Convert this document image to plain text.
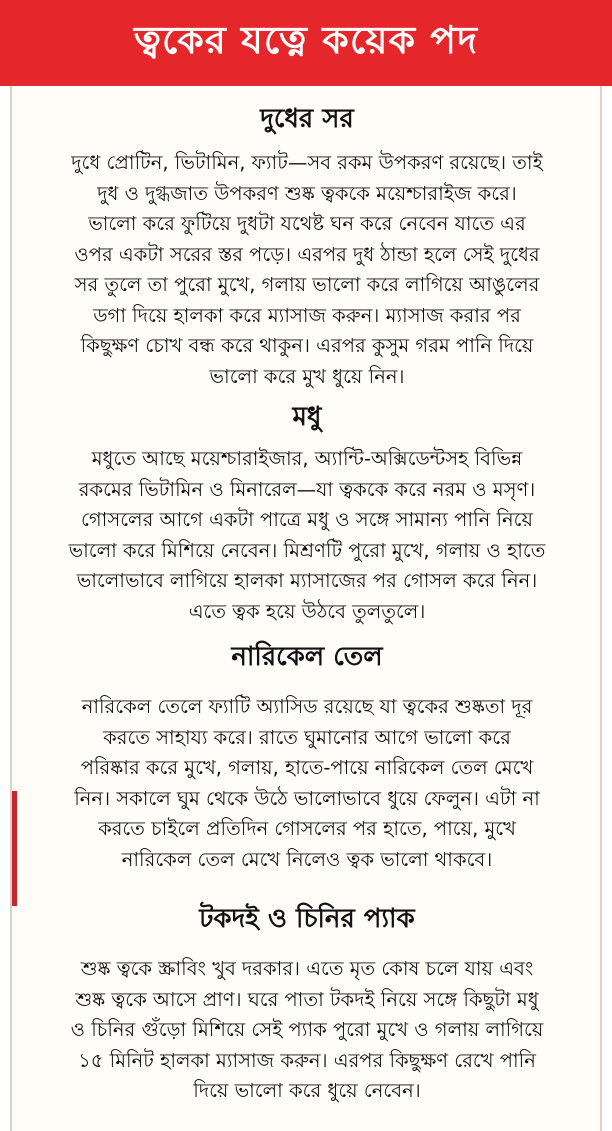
ত্বকের যত্নে কয়েক পদ
দুধের সর

দুধে প্রোটিন, ভিটামিন, ফ্যাট—সব রকম উপকরণ রয়েছে। তাই
দুধ ও দুগ্ধজাত উপকরণ শুষ্ক ত্বককে ময়েশ্চারাইজ করে।
ভালো করে ফুটিয়ে দুধটা যথেষ্ট ঘন করে নেবেন যাতে এর
ওপর একটা সরের স্তর পড়ে। এরপর দুধ ঠান্ডা হলে সেই দুধের
সর তুলে তা পুরো মুখে, গলায় ভালো করে লাগিয়ে আঙুলের
ডগা দিয়ে হালকা করে ম্যাসাজ করুন। ম্যাসাজ করার পর
কিছুক্ষণ চোখ বন্ধ করে থাকুন। এরপর কুসুম গরম পানি দিয়ে
ভালো করে মুখ ধুয়ে নিন।

মধু

মধুতে আছে ময়েশ্চারাইজার, অ্যান্টি-অক্সিডেন্টসহ বিভিন্ন
রকমের ভিটামিন ও মিনারেল—যা ত্বককে করে নরম ও মসৃণ।
গোসলের আগে একটা পাত্রে মধু ও সঙ্গে সামান্য পানি নিয়ে
ভালো করে মিশিয়ে নেবেন। মিশ্রণটি পুরো মুখে, গলায় ও হাতে
ভালোভাবে লাগিয়ে হালকা ম্যাসাজের পর গোসল করে নিন।
এতে ত্বক হয়ে উঠবে তুলতুলে।

নারিকেল তেল

নারিকেল তেলে ফ্যাটি অ্যাসিড রয়েছে যা ত্বকের শুষ্কতা দূর
করতে সাহায্য করে। রাতে ঘুমানোর আগে ভালো করে
পরিষ্কার করে মুখে, গলায়, হাতে-পায়ে নারিকেল তেল মেখে
নিন। সকালে ঘুম থেকে উঠে ভালোভাবে ধুয়ে ফেলুন। এটা না
করতে চাইলে প্রতিদিন গোসলের পর হাতে, পায়ে, মুখে
নারিকেল তেল মেখে নিলেও ত্বক ভালো থাকবে।

টকদই ও চিনির প্যাক

শুষ্ক ত্বকে স্ক্রাবিং খুব দরকার। এতে মৃত কোষ চলে যায় এবং
শুষ্ক ত্বকে আসে প্রাণ। ঘরে পাতা টকদই নিয়ে সঙ্গে কিছুটা মধু
ও চিনির গুঁড়ো মিশিয়ে সেই প্যাক পুরো মুখে ও গলায় লাগিয়ে
১৫ মিনিট হালকা ম্যাসাজ করুন। এরপর কিছুক্ষণ রেখে পানি
দিয়ে ভালো করে ধুয়ে নেবেন।
